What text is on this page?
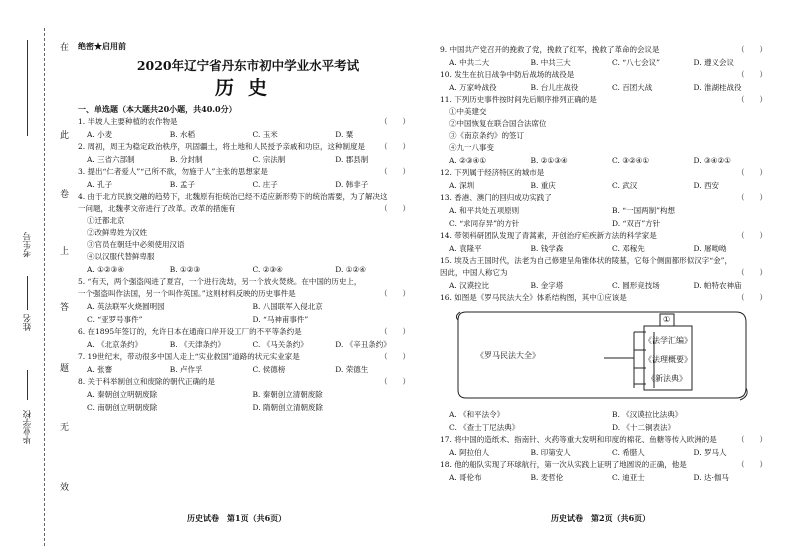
在
此
卷
上
答
题
无
效
考生号
姓名
毕业学校
绝密★启用前
2020年辽宁省丹东市初中学业水平考试
历史
一、单选题（本大题共20小题，共40.0分）
1. 半坡人主要种植的农作物是	（　　）
A. 小麦	B. 水稻	C. 玉米	D. 粟
2. 周初，周王为稳定政治秩序，巩固疆土，将土地和人民授予亲戚和功臣，这种制度是 （　　）
A. 三省六部制	B. 分封制	C. 宗法制	D. 郡县制
3. 提出“仁者爱人”“己所不欲，勿施于人”主张的思想家是	（　　）
A. 孔子	B. 孟子	C. 庄子	D. 韩非子
4. 由于北方民族交融的趋势下，北魏原有拒统治已经不适应新形势下的统治需要，为了解决这
一问题，北魏孝文帝进行了改革。改革的措施有	（　　）
①迁都北京
②改鲜卑姓为汉姓
③官员在朝廷中必须使用汉语
④以汉服代替鲜卑服
A. ①②③④	B. ①②③	C. ②③④	D. ①②④
5. “有天，两个强盗闯进了夏宫，一个进行洗劫，另一个放火焚烧。在中国的历史上，
一个强盗叫作法国，另一个叫作英国。”这则材料反映的历史事件是	（　　）
A. 英法联军火烧圆明园	B. 八国联军入侵北京
C. “亚罗号事件”	D. “马神甫事件”
6. 在1895年签订的，允许日本在通商口岸开设工厂的不平等条约是	（　　）
A. 《北京条约》	B. 《天津条约》	C. 《马关条约》	D. 《辛丑条约》
7. 19世纪末，带动很多中国人走上“实业救国”道路的状元实业家是	（　　）
A. 张謇	B. 卢作孚	C. 侯德榜	D. 荣德生
8. 关于科举制创立和废除的朝代正确的是	（　　）
A. 秦朝创立明朝废除	B. 秦朝创立清朝废除
C. 南朝创立明朝废除	D. 隋朝创立清朝废除
历史试卷　第1页（共6页）
9. 中国共产党召开的挽救了党，挽救了红军，挽救了革命的会议是	（　　）
A. 中共二大	B. 中共三大	C. “八七会议”	D. 遵义会议
10. 发生在抗日战争中防后战场的战役是	（　　）
A. 万家岭战役	B. 台儿庄战役	C. 百团大战	D. 淮湖桂战役
11. 下列历史事件按时间先后顺序排列正确的是	（　　）
①中美建交
②中国恢复在联合国合法席位
③《南京条约》的签订
④九一八事变
A. ②③④①	B. ②①③④	C. ③②④①	D. ③④②①
12. 下列属于经济特区的城市是	（　　）
A. 深圳	B. 重庆	C. 武汉	D. 西安
13. 香港、澳门的回归成功实践了	（　　）
A. 和平共处五项原则	B. “一国两制”构想
C. “求同存异”的方针	D. “双百”方针
14. 带领科研团队发现了青蒿素，开创治疗疟疾新方法的科学家是	（　　）
A. 袁隆平	B. 钱学森	C. 邓稼先	D. 屠呦呦
15. 埃及古王国时代，法老为自己修建呈角锥体状的陵墓，它每个侧面都形似汉字“金”，
因此，中国人称它为	（　　）
A. 汉谟拉比	B. 金字塔	C. 圆形竞技场	D. 帕特农神庙
16. 如图是《罗马民法大全》体系结构图，其中①应该是	（　　）
《罗马民法大全》
①
《法学汇编》
《法理概要》
《新法典》
A. 《和平法令》	B. 《汉谟拉比法典》
C. 《查士丁尼法典》	D. 《十二铜表法》
17. 将中国的造纸术、指南针、火药等重大发明和印度的棉花、鱼糖等传入欧洲的是	（　　）
A. 阿拉伯人	B. 印第安人	C. 希腊人	D. 罗马人
18. 他的船队实现了环球航行，第一次从实践上证明了地圆说的正确，他是	（　　）
A. 哥伦布	B. 麦哲伦	C. 迪亚士	D. 达·伽马
历史试卷　第2页（共6页）
